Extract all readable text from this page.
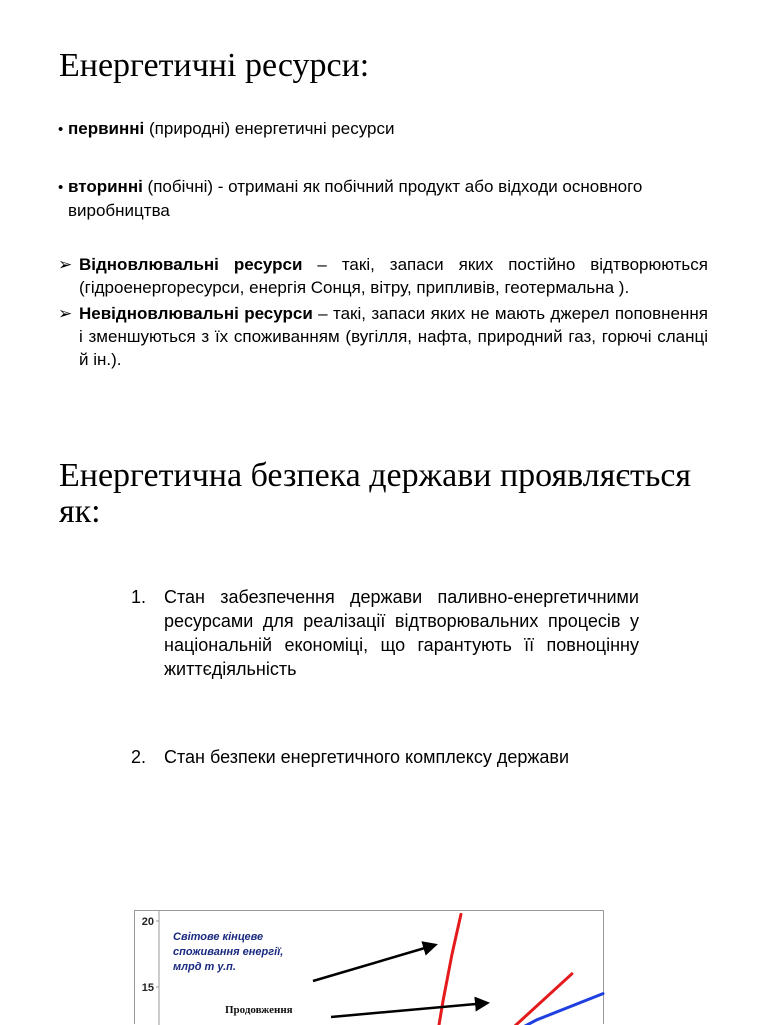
Енергетичні ресурси:
• первинні (природні) енергетичні ресурси
• вторинні (побічні) - отримані як побічний продукт або відходи основного виробництва
➢ Відновлювальні ресурси – такі, запаси яких постійно відтворюються (гідроенергоресурси, енергія Сонця, вітру, припливів, геотермальна ).
➢ Невідновлювальні ресурси – такі, запаси яких не мають джерел поповнення і зменшуються з їх споживанням (вугілля, нафта, природний газ, горючі сланці й ін.).
Енергетична безпека держави проявляється як:
1. Стан забезпечення держави паливно-енергетичними ресурсами для реалізації відтворювальних процесів у національній економіці, що гарантують її повноцінну життєдіяльність
2. Стан безпеки енергетичного комплексу держави
20
15
Світове кінцеве
споживання енергії,
млрд т у.п.
Продовження
